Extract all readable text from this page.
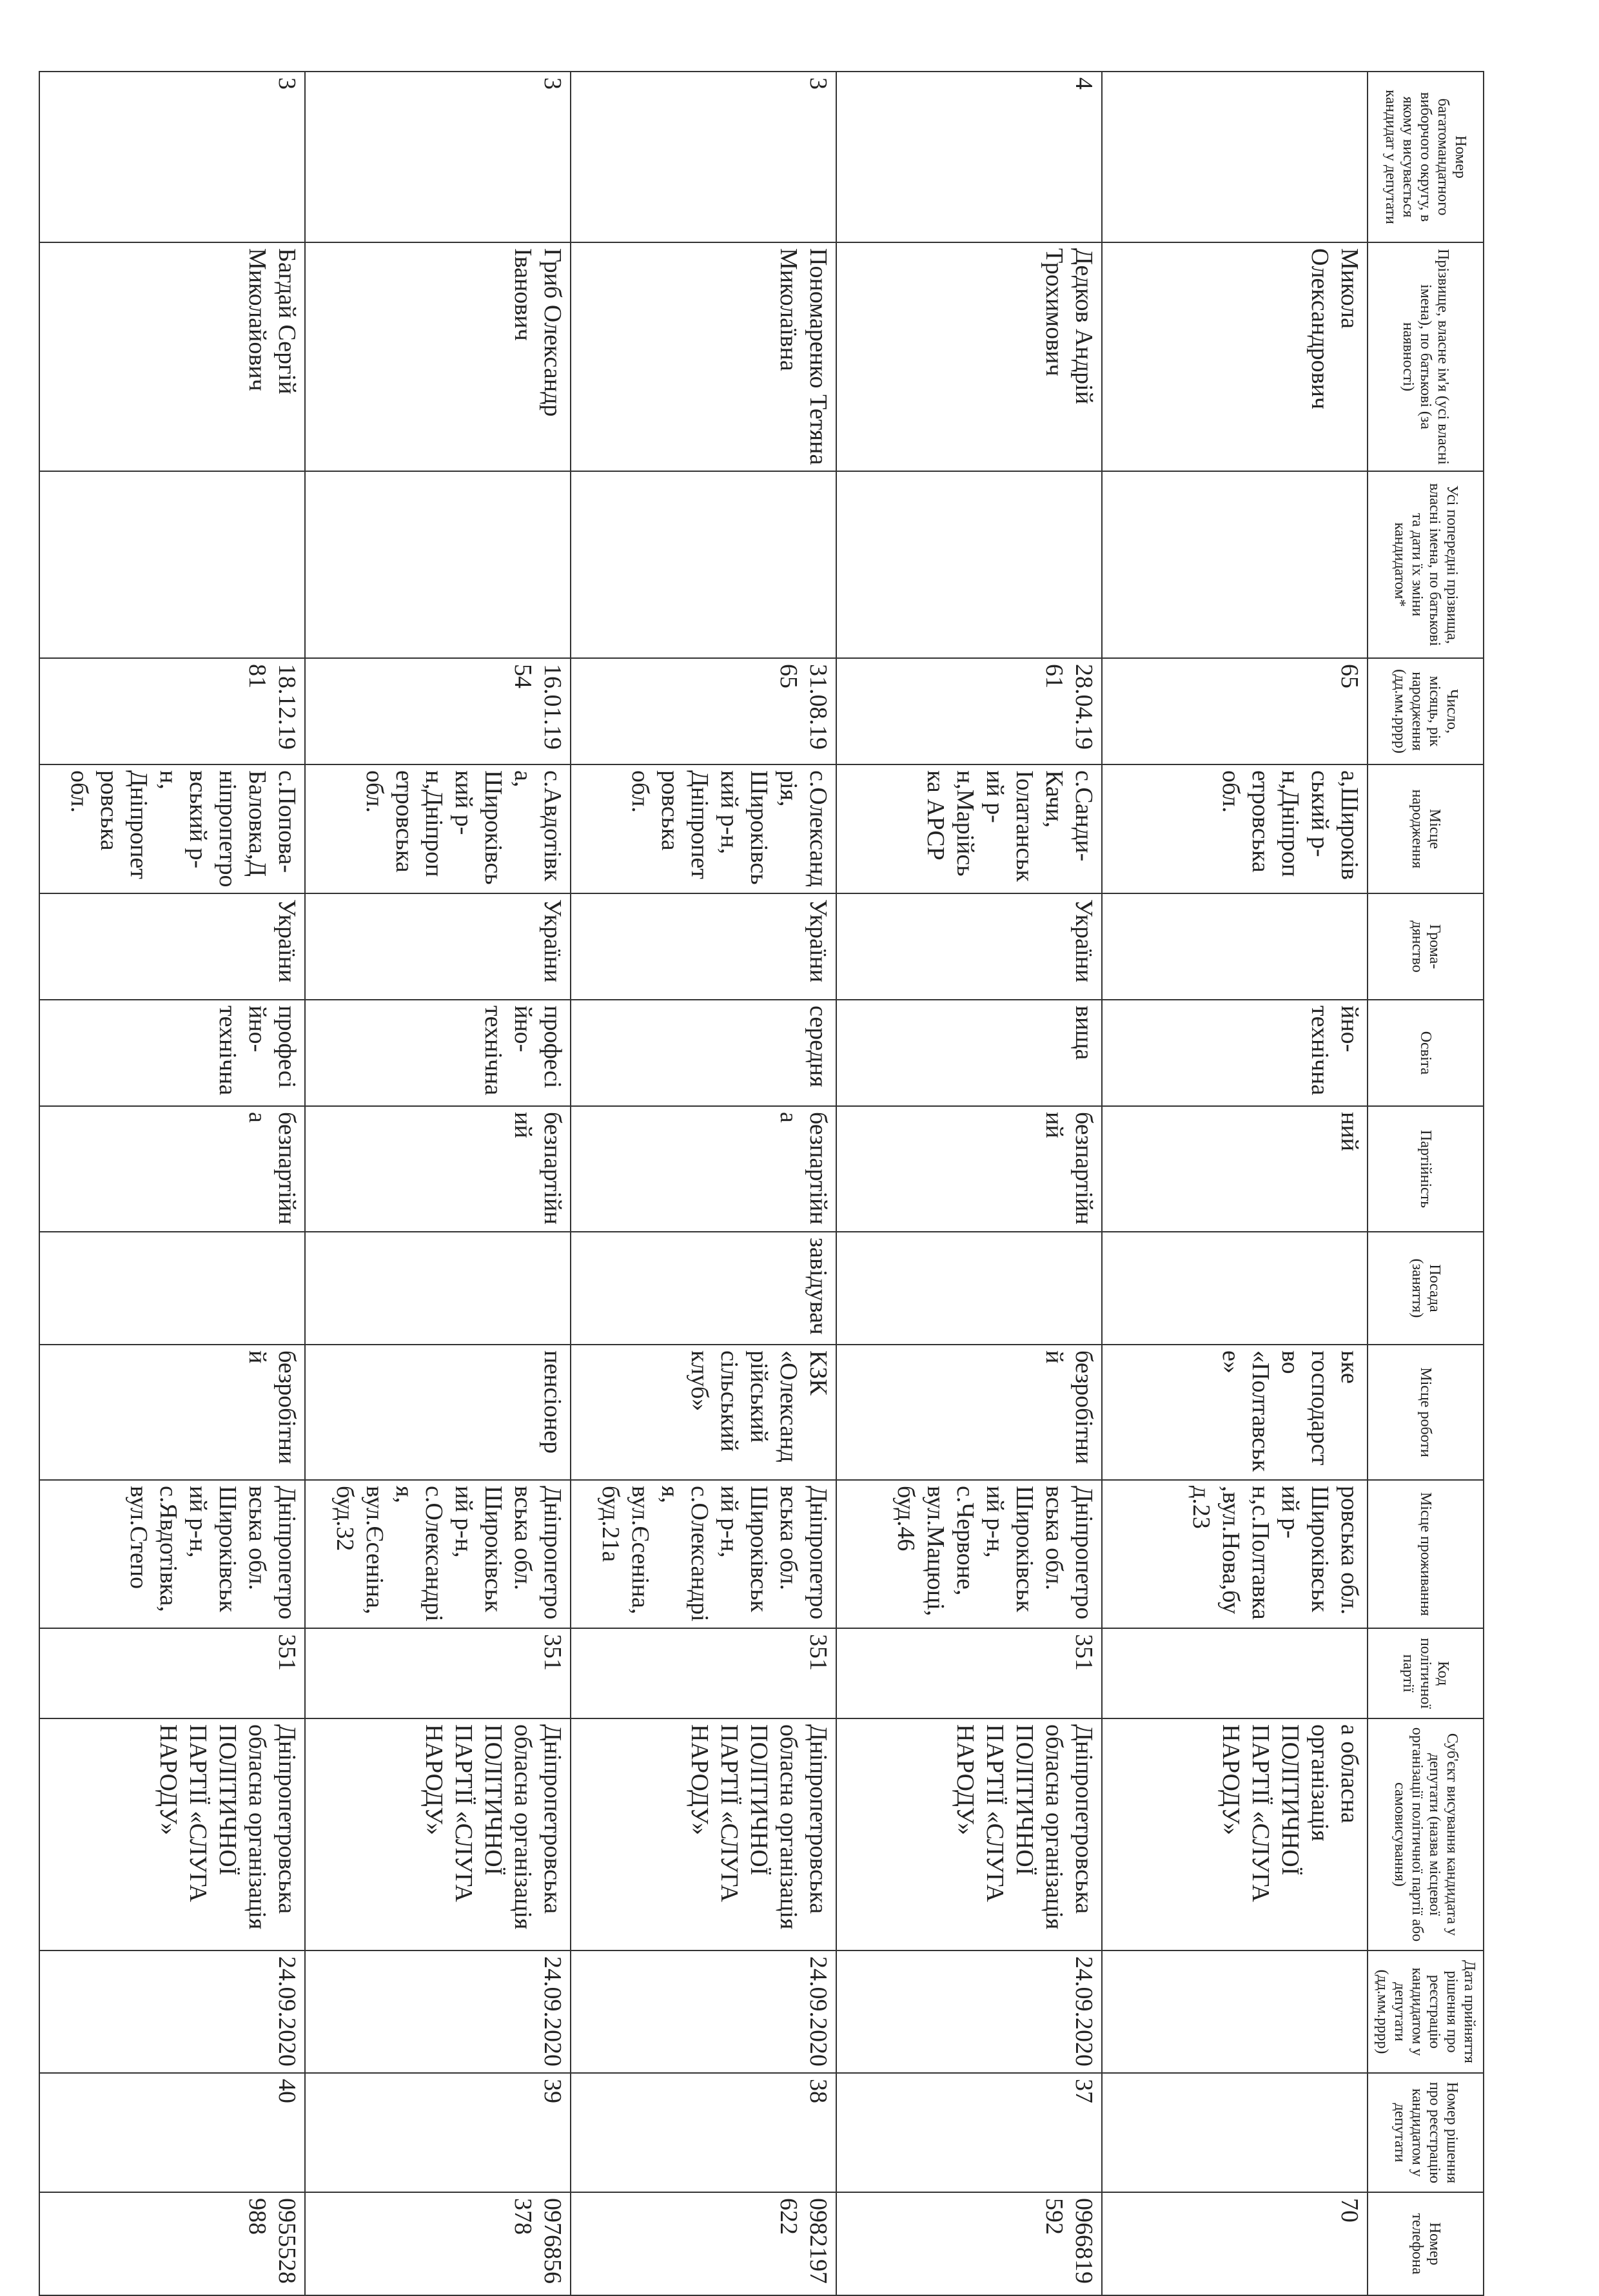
Номер багатомандатного виборчого округу, в якому висувається кандидат у депутати	Прізвище, власне ім'я (усі власні імена), по батькові (за наявності)	Усі попередні прізвища, власні імена, по батькові та дати їх зміни кандидатом*	Число, місяць, рік народження (дд.мм.рррр)	Місце народження	Грома-дянство	Освіта	Партійність	Посада (заняття)	Місце роботи	Місце проживання	Код політичної партії	Суб'єкт висування кандидата у депутати (назва місцевої організації політичної партії або самовисування)	Дата прийняття рішення про реєстрацію кандидатом у депутати (дд.мм.рррр)	Номер рішення про реєстрацію кандидатом у депутати	Номер телефона
	Микола Олександрович		65	а,Широківський р-н,Дніпропетровська обл.		йно-технічна	ний		ьке господарство «Полтавське»	ровська обл. Широківський р-н,с.Полтавка,вул.Нова,буд.23		а обласна організація ПОЛІТИЧНОЇ ПАРТІЇ «СЛУГА НАРОДУ»			70
4	Дедков Андрій Трохимович		28.04.1961	с.Санди-Качи, Іолатанський р-н,Марійська АРСР	України	вища	безпартійний		безробітний	Дніпропетровська обл. Широківський р-н, с.Червоне, вул.Мацюці, буд.46	351	Дніпропетровська обласна організація ПОЛІТИЧНОЇ ПАРТІЇ «СЛУГА НАРОДУ»	24.09.2020	37	0966819592
3	Пономаренко Тетяна Миколаївна		31.08.1965	с.Олександрія, Широківський р-н, Дніпропетровська обл.	України	середня	безпартійна	завідувач	КЗК «Олександрійський сільський клуб»	Дніпропетровська обл. Широківський р-н, с.Олександрія, вул.Єсеніна,буд.21а	351	Дніпропетровська обласна організація ПОЛІТИЧНОЇ ПАРТІЇ «СЛУГА НАРОДУ»	24.09.2020	38	0982197622
3	Гриб Олександр Іванович		16.01.1954	с.Авдотівка, Широківський р-н,Дніпропетровська обл.	України	професійно-технічна	безпартійний		пенсіонер	Дніпропетровська обл. Широківський р-н, с.Олександрія, вул.Єсеніна,буд.32	351	Дніпропетровська обласна організація ПОЛІТИЧНОЇ ПАРТІЇ «СЛУГА НАРОДУ»	24.09.2020	39	0976856378
3	Багдай Сергій Миколайович		18.12.1981	с.Попова-Баловка,Дніпропетровський р-н, Дніпропетровська обл.	України	професійно-технічна	безпартійна		безробітний	Дніпропетровська обл. Широківський р-н, с.Явдотівка, вул.Степо	351	Дніпропетровська обласна організація ПОЛІТИЧНОЇ ПАРТІЇ «СЛУГА НАРОДУ»	24.09.2020	40	0955528988
